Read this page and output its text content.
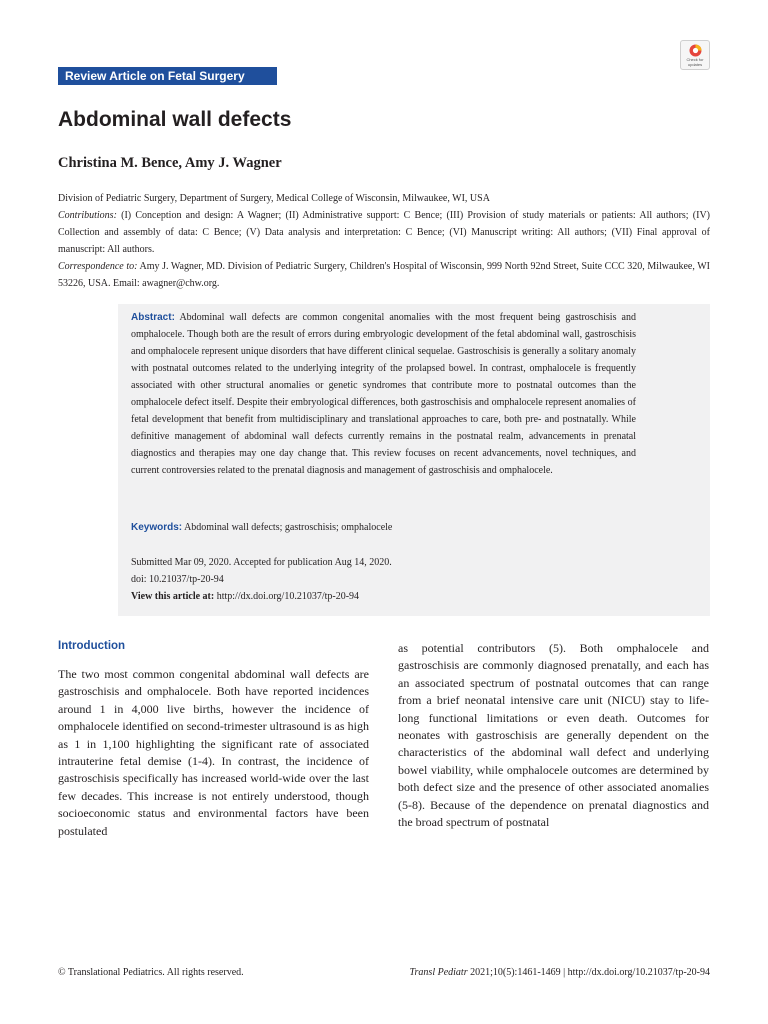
Review Article on Fetal Surgery
Check for updates
Abdominal wall defects
Christina M. Bence, Amy J. Wagner
Division of Pediatric Surgery, Department of Surgery, Medical College of Wisconsin, Milwaukee, WI, USA
Contributions: (I) Conception and design: A Wagner; (II) Administrative support: C Bence; (III) Provision of study materials or patients: All authors; (IV) Collection and assembly of data: C Bence; (V) Data analysis and interpretation: C Bence; (VI) Manuscript writing: All authors; (VII) Final approval of manuscript: All authors.
Correspondence to: Amy J. Wagner, MD. Division of Pediatric Surgery, Children's Hospital of Wisconsin, 999 North 92nd Street, Suite CCC 320, Milwaukee, WI 53226, USA. Email: awagner@chw.org.
Abstract: Abdominal wall defects are common congenital anomalies with the most frequent being gastroschisis and omphalocele. Though both are the result of errors during embryologic development of the fetal abdominal wall, gastroschisis and omphalocele represent unique disorders that have different clinical sequelae. Gastroschisis is generally a solitary anomaly with postnatal outcomes related to the underlying integrity of the prolapsed bowel. In contrast, omphalocele is frequently associated with other structural anomalies or genetic syndromes that contribute more to postnatal outcomes than the omphalocele defect itself. Despite their embryological differences, both gastroschisis and omphalocele represent anomalies of fetal development that benefit from multidisciplinary and translational approaches to care, both pre- and postnatally. While definitive management of abdominal wall defects currently remains in the postnatal realm, advancements in prenatal diagnostics and therapies may one day change that. This review focuses on recent advancements, novel techniques, and current controversies related to the prenatal diagnosis and management of gastroschisis and omphalocele.
Keywords: Abdominal wall defects; gastroschisis; omphalocele
Submitted Mar 09, 2020. Accepted for publication Aug 14, 2020.
doi: 10.21037/tp-20-94
View this article at: http://dx.doi.org/10.21037/tp-20-94
Introduction

The two most common congenital abdominal wall defects are gastroschisis and omphalocele. Both have reported incidences around 1 in 4,000 live births, however the incidence of omphalocele identified on second-trimester ultrasound is as high as 1 in 1,100 highlighting the significant rate of associated intrauterine fetal demise (1-4). In contrast, the incidence of gastroschisis specifically has increased world-wide over the last few decades. This increase is not entirely understood, though socioeconomic status and environmental factors have been postulated

as potential contributors (5). Both omphalocele and gastroschisis are commonly diagnosed prenatally, and each has an associated spectrum of postnatal outcomes that can range from a brief neonatal intensive care unit (NICU) stay to life-long functional limitations or even death. Outcomes for neonates with gastroschisis are generally dependent on the characteristics of the abdominal wall defect and underlying bowel viability, while omphalocele outcomes are determined by both defect size and the presence of other associated anomalies (5-8). Because of the dependence on prenatal diagnostics and the broad spectrum of postnatal

© Translational Pediatrics. All rights reserved.	Transl Pediatr 2021;10(5):1461-1469 | http://dx.doi.org/10.21037/tp-20-94
